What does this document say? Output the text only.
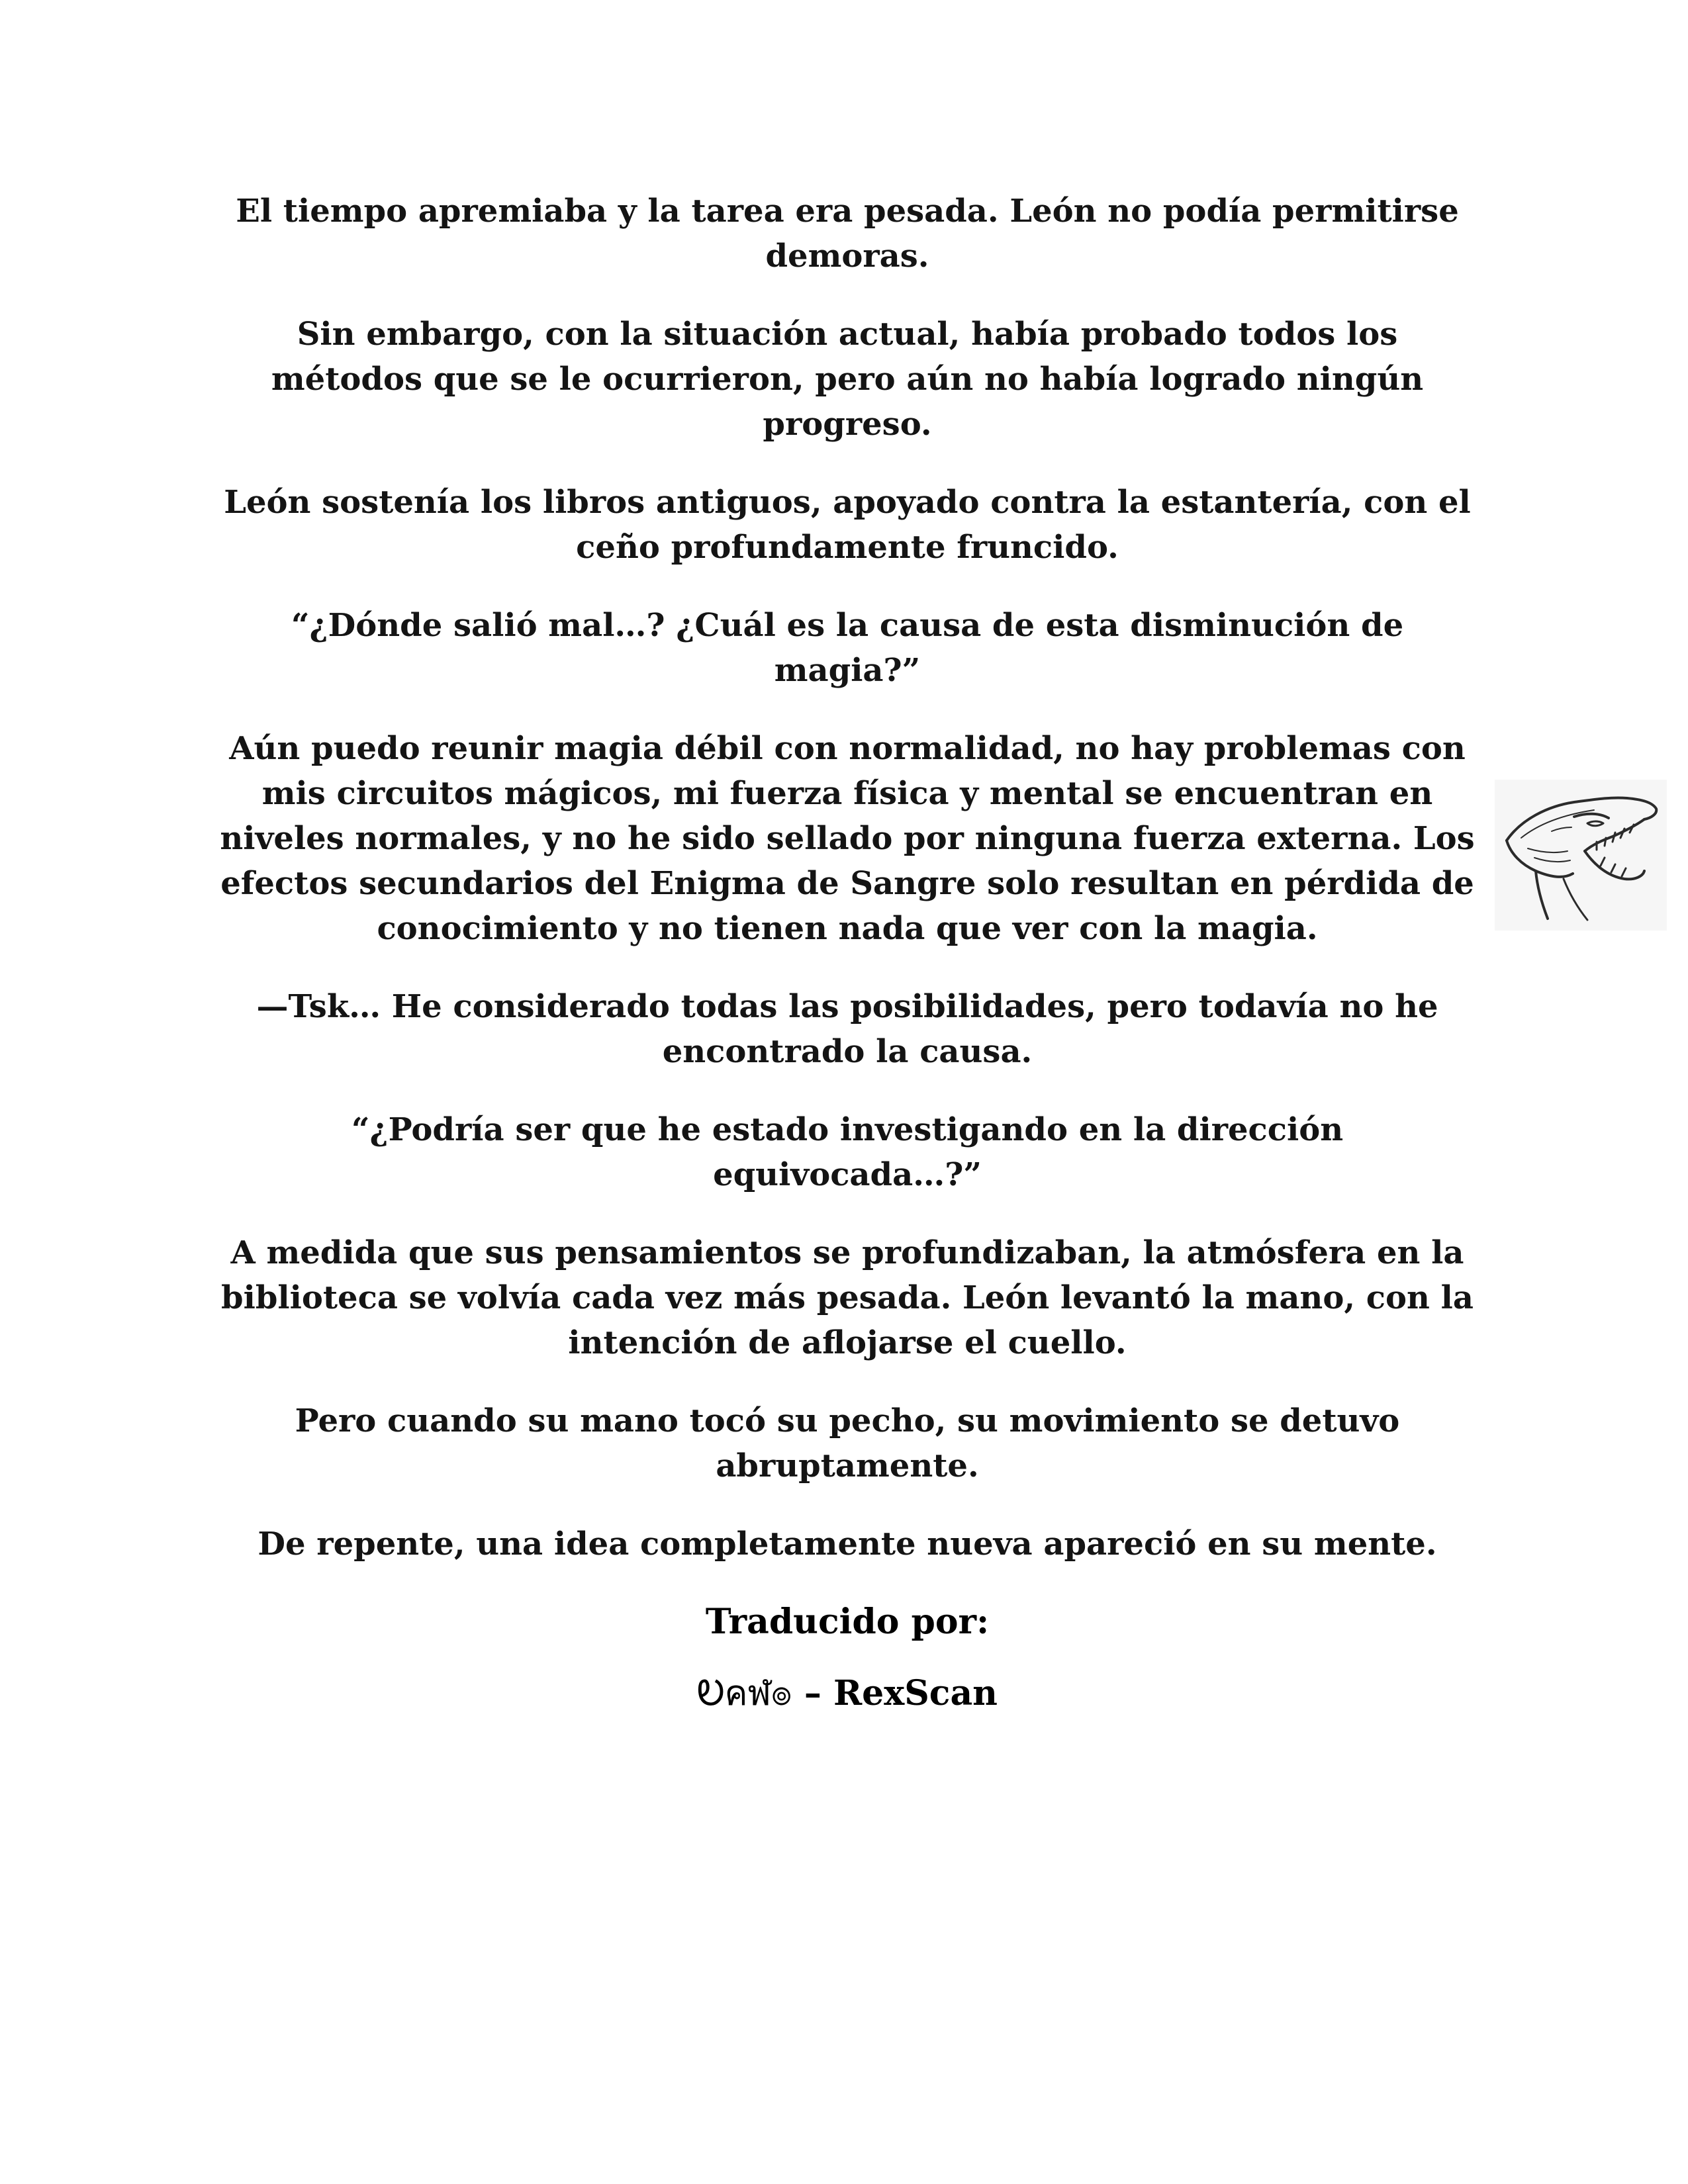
El tiempo apremiaba y la tarea era pesada. León no podía permitirse demoras.

Sin embargo, con la situación actual, había probado todos los métodos que se le ocurrieron, pero aún no había logrado ningún progreso.

León sostenía los libros antiguos, apoyado contra la estantería, con el ceño profundamente fruncido.

“¿Dónde salió mal…? ¿Cuál es la causa de esta disminución de magia?”

Aún puedo reunir magia débil con normalidad, no hay problemas con mis circuitos mágicos, mi fuerza física y mental se encuentran en niveles normales, y no he sido sellado por ninguna fuerza externa. Los efectos secundarios del Enigma de Sangre solo resultan en pérdida de conocimiento y no tienen nada que ver con la magia.

—Tsk… He considerado todas las posibilidades, pero todavía no he encontrado la causa.

“¿Podría ser que he estado investigando en la dirección equivocada…?”

A medida que sus pensamientos se profundizaban, la atmósfera en la biblioteca se volvía cada vez más pesada. León levantó la mano, con la intención de aflojarse el cuello.

Pero cuando su mano tocó su pecho, su movimiento se detuvo abruptamente.

De repente, una idea completamente nueva apareció en su mente.

Traducido por:

Ꭷคฬ๏ – RexScan
